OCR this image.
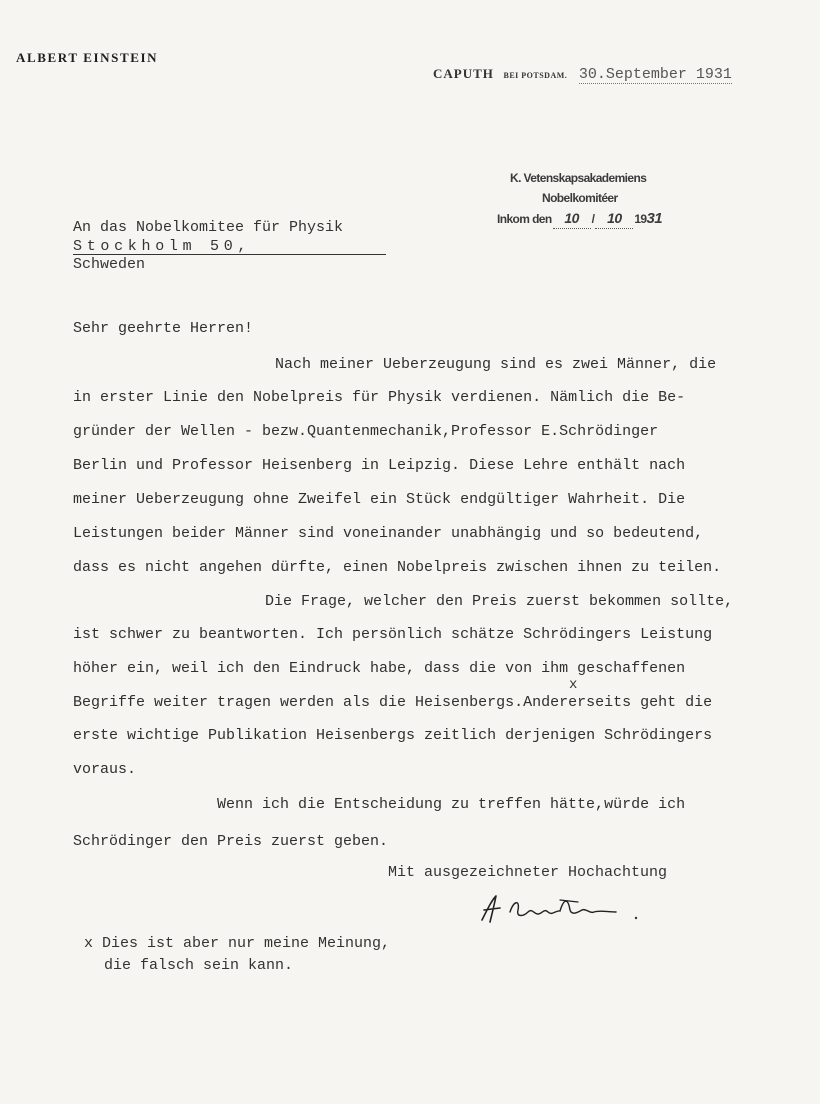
ALBERT EINSTEIN
CAPUTH BEI POTSDAM. 30.September 1931
K. Vetenskapsakademiens
Nobelkomitéer
Inkom den 10	/ 10	19 31
An das Nobelkomitee für Physik
Stockholm 50,
Schweden
Sehr geehrte Herren!
Nach meiner Ueberzeugung sind es zwei Männer, die
in erster Linie den Nobelpreis für Physik verdienen. Nämlich die Be-
gründer der Wellen - bezw.Quantenmechanik,Professor E.Schrödinger
Berlin und Professor Heisenberg in Leipzig. Diese Lehre enthält nach
meiner Ueberzeugung ohne Zweifel ein Stück endgültiger Wahrheit. Die
Leistungen beider Männer sind voneinander unabhängig und so bedeutend,
dass es nicht angehen dürfte, einen Nobelpreis zwischen ihnen zu teilen.
Die Frage, welcher den Preis zuerst bekommen sollte,
ist schwer zu beantworten. Ich persönlich schätze Schrödingers Leistung
höher ein, weil ich den Eindruck habe, dass die von ihm geschaffenen
x
Begriffe weiter tragen werden als die Heisenbergs.Andererseits geht die
erste wichtige Publikation Heisenbergs zeitlich derjenigen Schrödingers
voraus.
Wenn ich die Entscheidung zu treffen hätte,würde ich
Schrödinger den Preis zuerst geben.
Mit ausgezeichneter Hochachtung
x Dies ist aber nur meine Meinung,
die falsch sein kann.
